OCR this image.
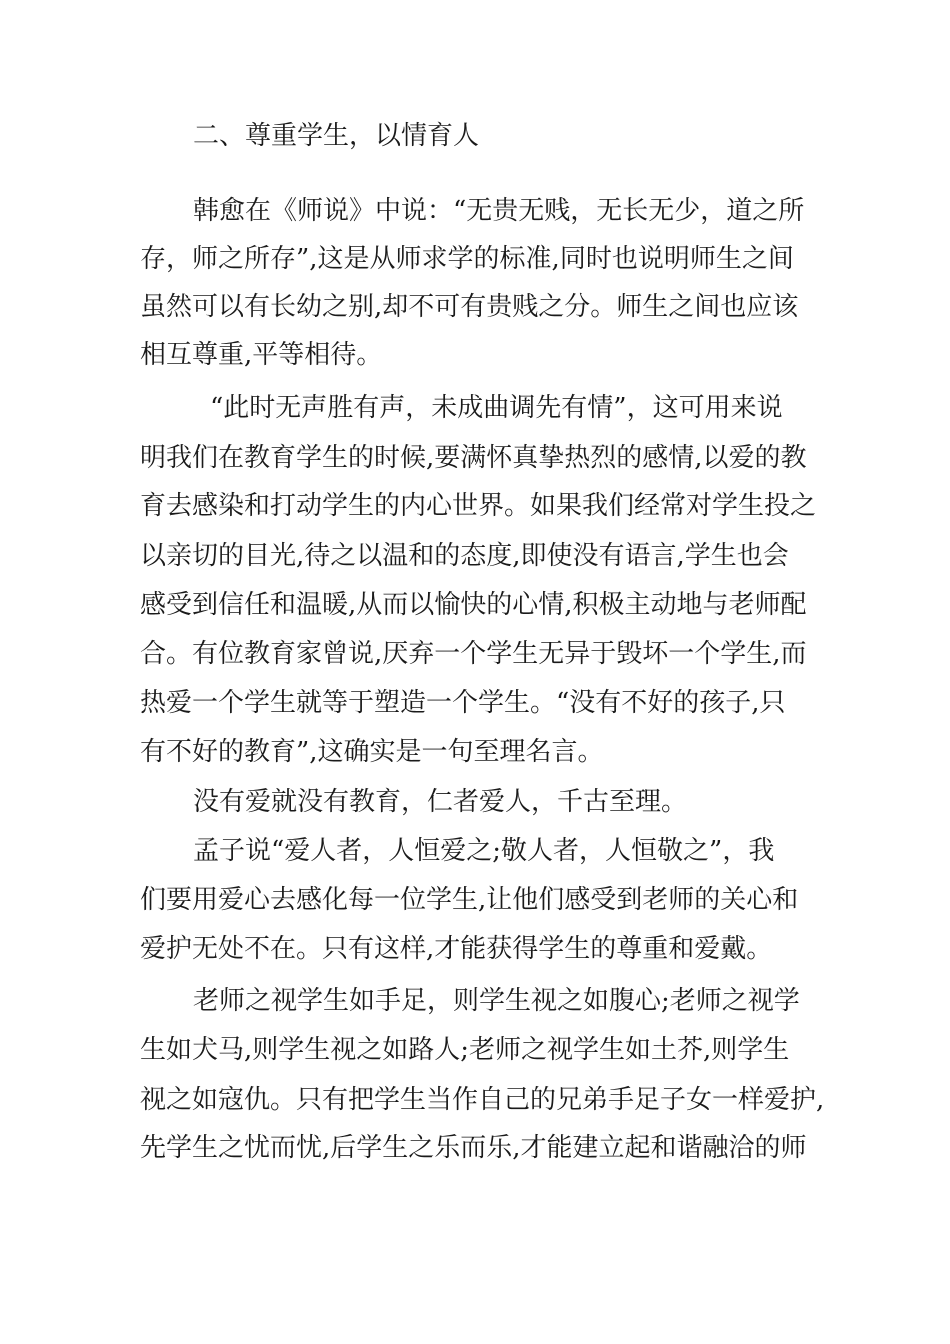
二、尊重学生，以情育人
韩愈在《师说》中说：“无贵无贱，无长无少，道之所
存，师之所存”,这是从师求学的标准,同时也说明师生之间
虽然可以有长幼之别,却不可有贵贱之分。师生之间也应该
相互尊重,平等相待。
“此时无声胜有声，未成曲调先有情”，这可用来说
明我们在教育学生的时候,要满怀真挚热烈的感情,以爱的教
育去感染和打动学生的内心世界。如果我们经常对学生投之
以亲切的目光,待之以温和的态度,即使没有语言,学生也会
感受到信任和温暖,从而以愉快的心情,积极主动地与老师配
合。有位教育家曾说,厌弃一个学生无异于毁坏一个学生,而
热爱一个学生就等于塑造一个学生。“没有不好的孩子,只
有不好的教育”,这确实是一句至理名言。
没有爱就没有教育，仁者爱人，千古至理。
孟子说“爱人者，人恒爱之;敬人者，人恒敬之”，我
们要用爱心去感化每一位学生,让他们感受到老师的关心和
爱护无处不在。只有这样,才能获得学生的尊重和爱戴。
老师之视学生如手足，则学生视之如腹心;老师之视学
生如犬马,则学生视之如路人;老师之视学生如土芥,则学生
视之如寇仇。只有把学生当作自己的兄弟手足子女一样爱护,
先学生之忧而忧,后学生之乐而乐,才能建立起和谐融洽的师
